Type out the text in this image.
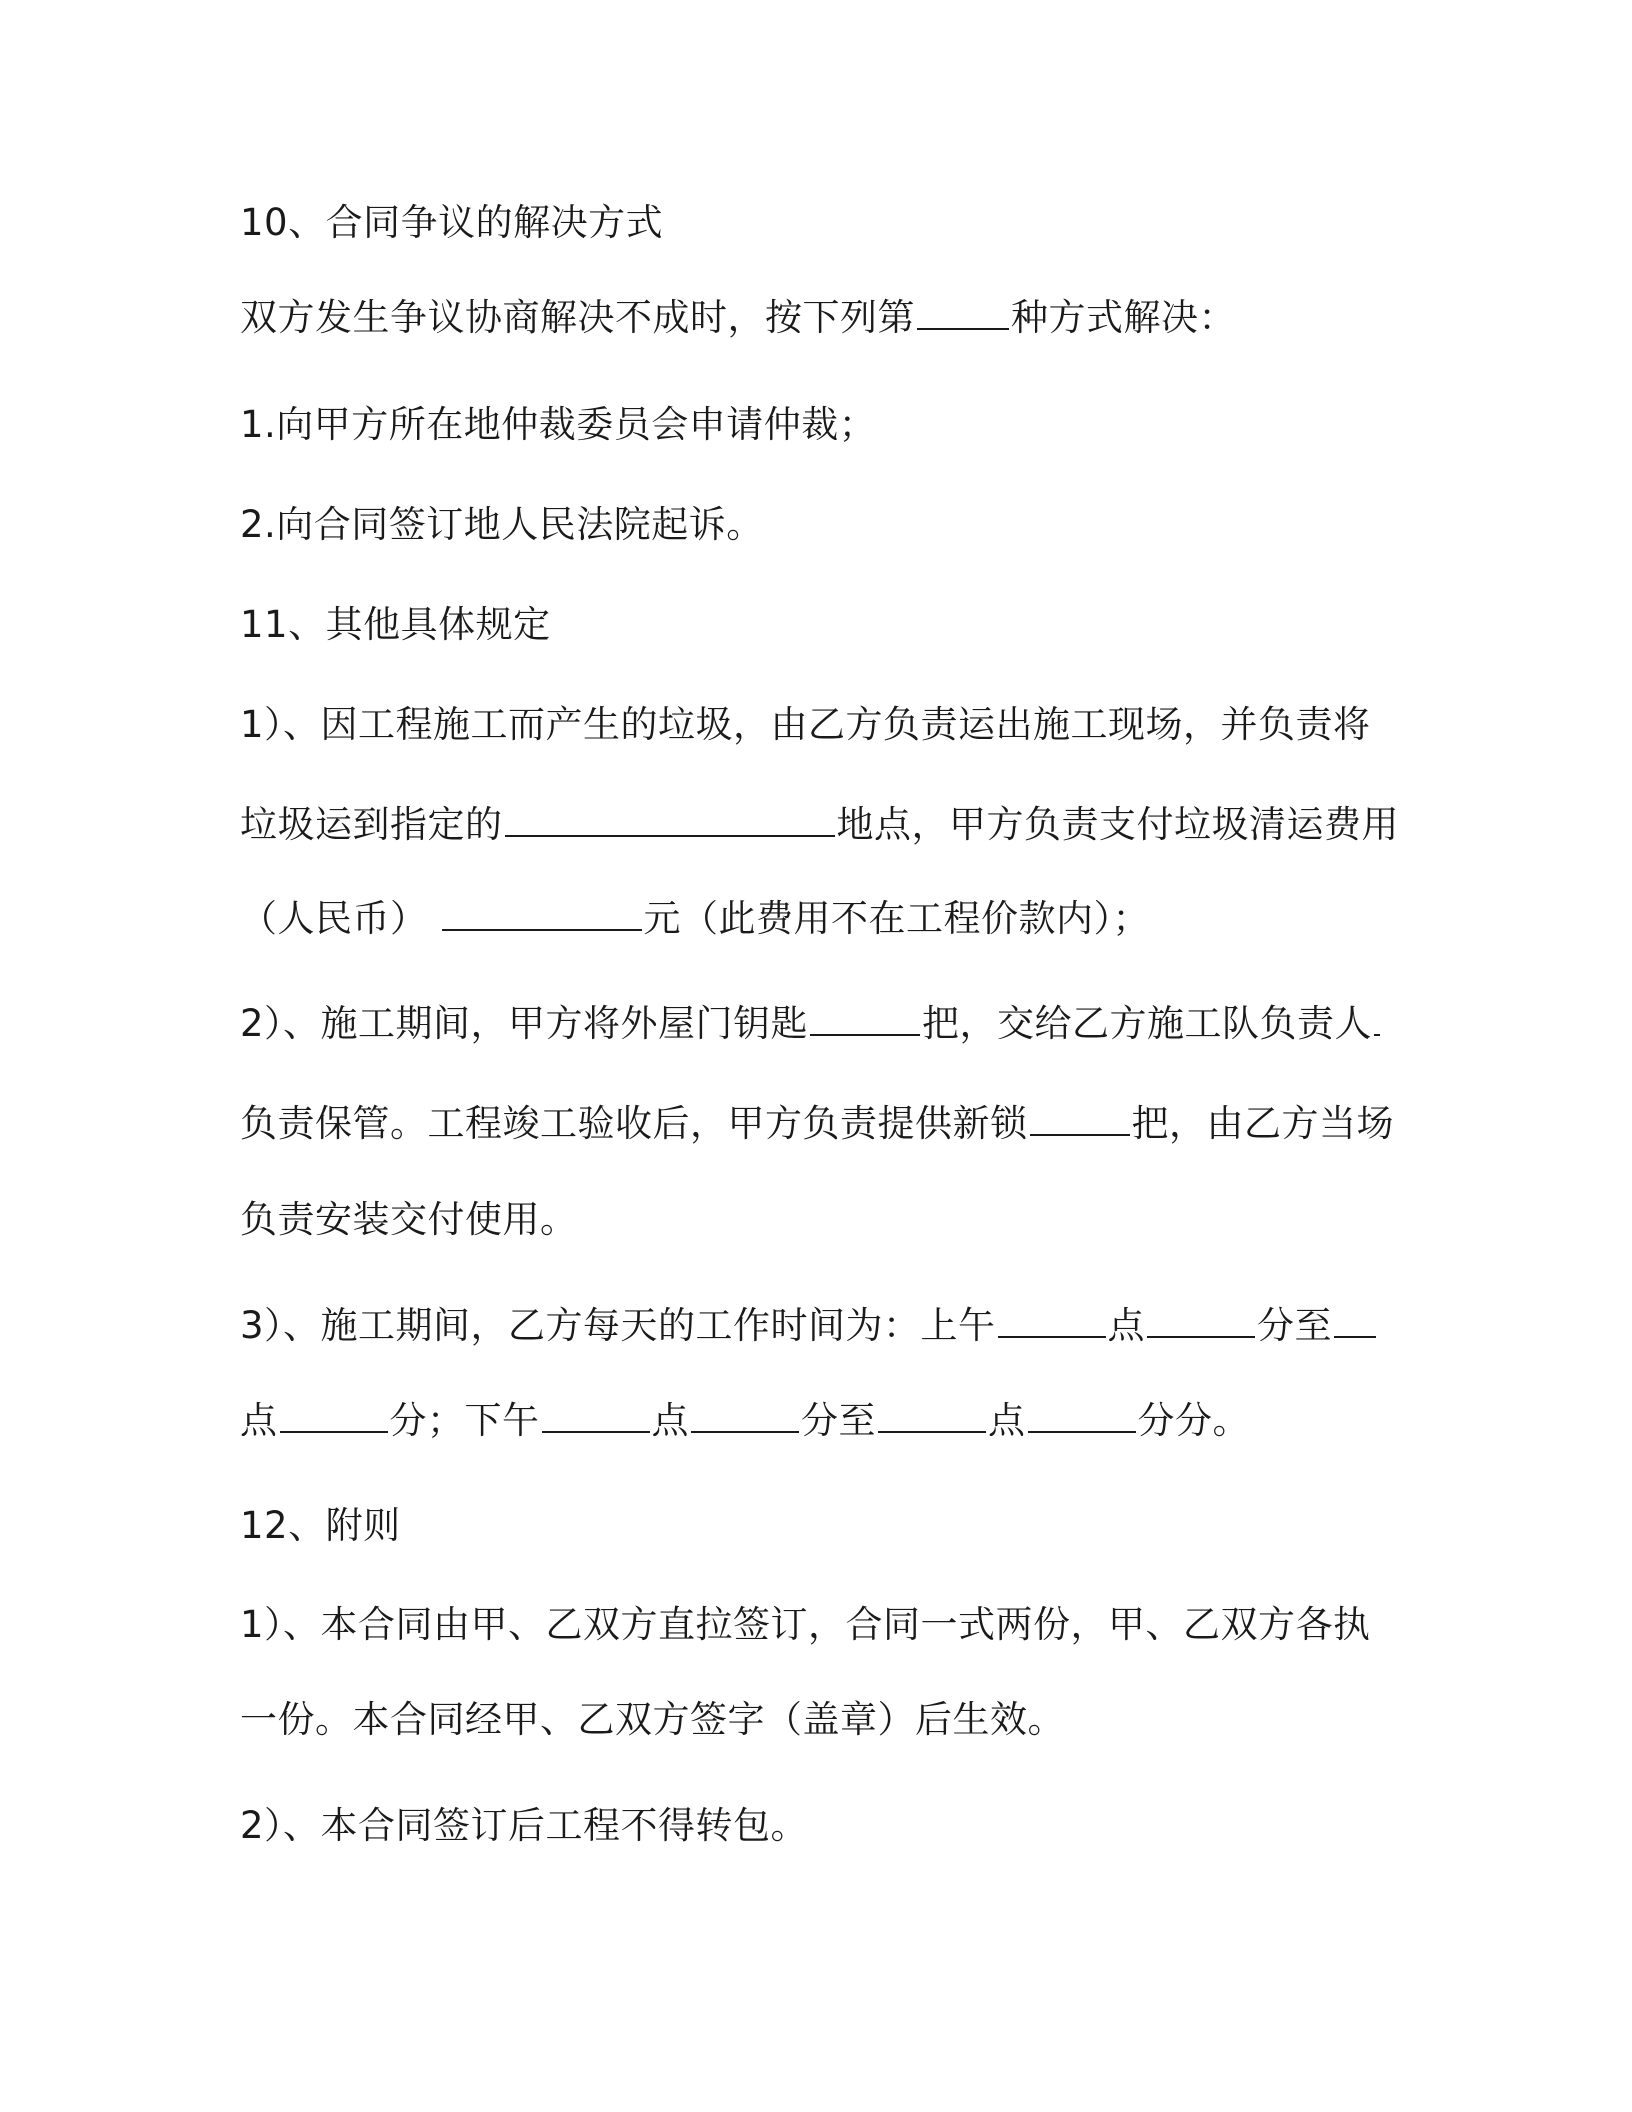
10、合同争议的解决方式
双方发生争议协商解决不成时，按下列第	种方式解决：
1.向甲方所在地仲裁委员会申请仲裁；
2.向合同签订地人民法院起诉。
11、其他具体规定
1）、因工程施工而产生的垃圾，由乙方负责运出施工现场，并负责将
垃圾运到指定的	地点，甲方负责支付垃圾清运费用
（人民币）	元（此费用不在工程价款内）；
2）、施工期间，甲方将外屋门钥匙	把，交给乙方施工队负责人
负责保管。工程竣工验收后，甲方负责提供新锁	把，由乙方当场
负责安装交付使用。
3）、施工期间，乙方每天的工作时间为：上午	点	分至
点	分；下午	点	分至	点	分分。
12、附则
1）、本合同由甲、乙双方直拉签订，合同一式两份，甲、乙双方各执
一份。本合同经甲、乙双方签字（盖章）后生效。
2）、本合同签订后工程不得转包。
